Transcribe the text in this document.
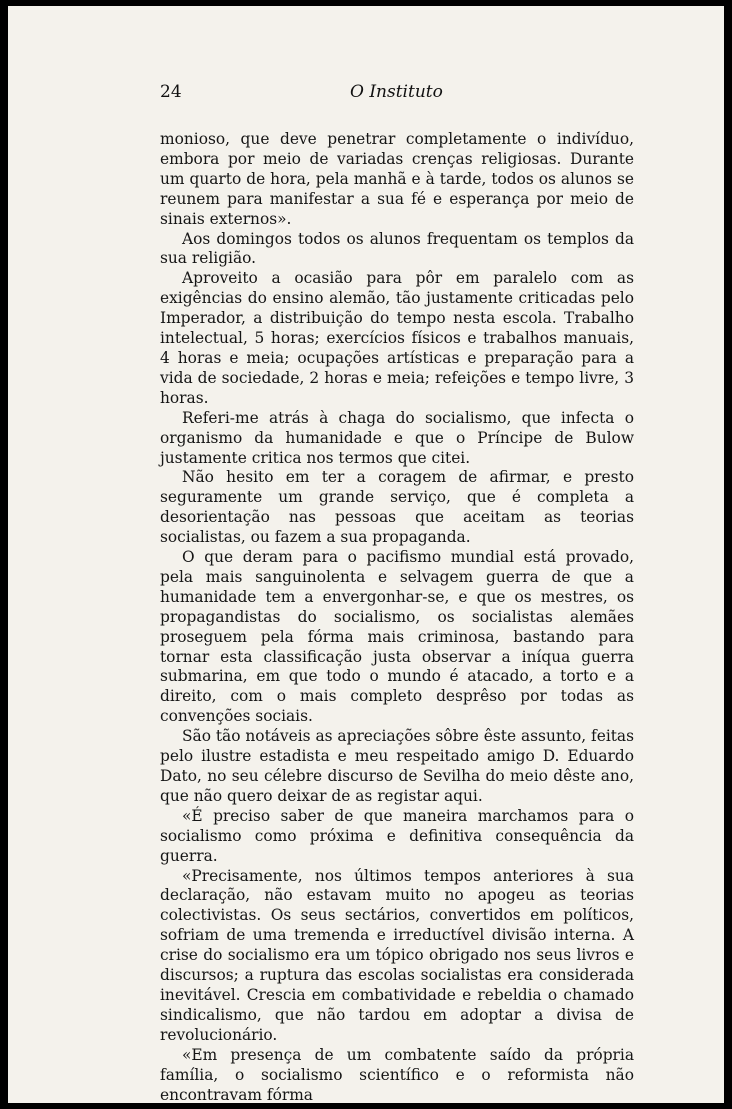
24	O Instituto

monioso, que deve penetrar completamente o indivíduo, embora por meio de variadas crenças religiosas. Durante um quarto de hora, pela manhã e à tarde, todos os alunos se reunem para manifestar a sua fé e esperança por meio de sinais externos».

Aos domingos todos os alunos frequentam os templos da sua religião.

Aproveito a ocasião para pôr em paralelo com as exigências do ensino alemão, tão justamente criticadas pelo Imperador, a distribuição do tempo nesta escola. Trabalho intelectual, 5 horas; exercícios físicos e trabalhos manuais, 4 horas e meia; ocupações artísticas e preparação para a vida de sociedade, 2 horas e meia; refeições e tempo livre, 3 horas.

Referi-me atrás à chaga do socialismo, que infecta o organismo da humanidade e que o Príncipe de Bulow justamente critica nos termos que citei.

Não hesito em ter a coragem de afirmar, e presto seguramente um grande serviço, que é completa a desorientação nas pessoas que aceitam as teorias socialistas, ou fazem a sua propaganda.

O que deram para o pacifismo mundial está provado, pela mais sanguinolenta e selvagem guerra de que a humanidade tem a envergonhar-se, e que os mestres, os propagandistas do socialismo, os socialistas alemães proseguem pela fórma mais criminosa, bastando para tornar esta classificação justa observar a iníqua guerra submarina, em que todo o mundo é atacado, a torto e a direito, com o mais completo desprêso por todas as convenções sociais.

São tão notáveis as apreciações sôbre êste assunto, feitas pelo ilustre estadista e meu respeitado amigo D. Eduardo Dato, no seu célebre discurso de Sevilha do meio dêste ano, que não quero deixar de as registar aqui.

«É preciso saber de que maneira marchamos para o socialismo como próxima e definitiva consequência da guerra.

«Precisamente, nos últimos tempos anteriores à sua declaração, não estavam muito no apogeu as teorias colectivistas. Os seus sectários, convertidos em políticos, sofriam de uma tremenda e irreductível divisão interna. A crise do socialismo era um tópico obrigado nos seus livros e discursos; a ruptura das escolas socialistas era considerada inevitável. Crescia em combatividade e rebeldia o chamado sindicalismo, que não tardou em adoptar a divisa de revolucionário.

«Em presença de um combatente saído da própria família, o socialismo scientífico e o reformista não encontravam fórma
